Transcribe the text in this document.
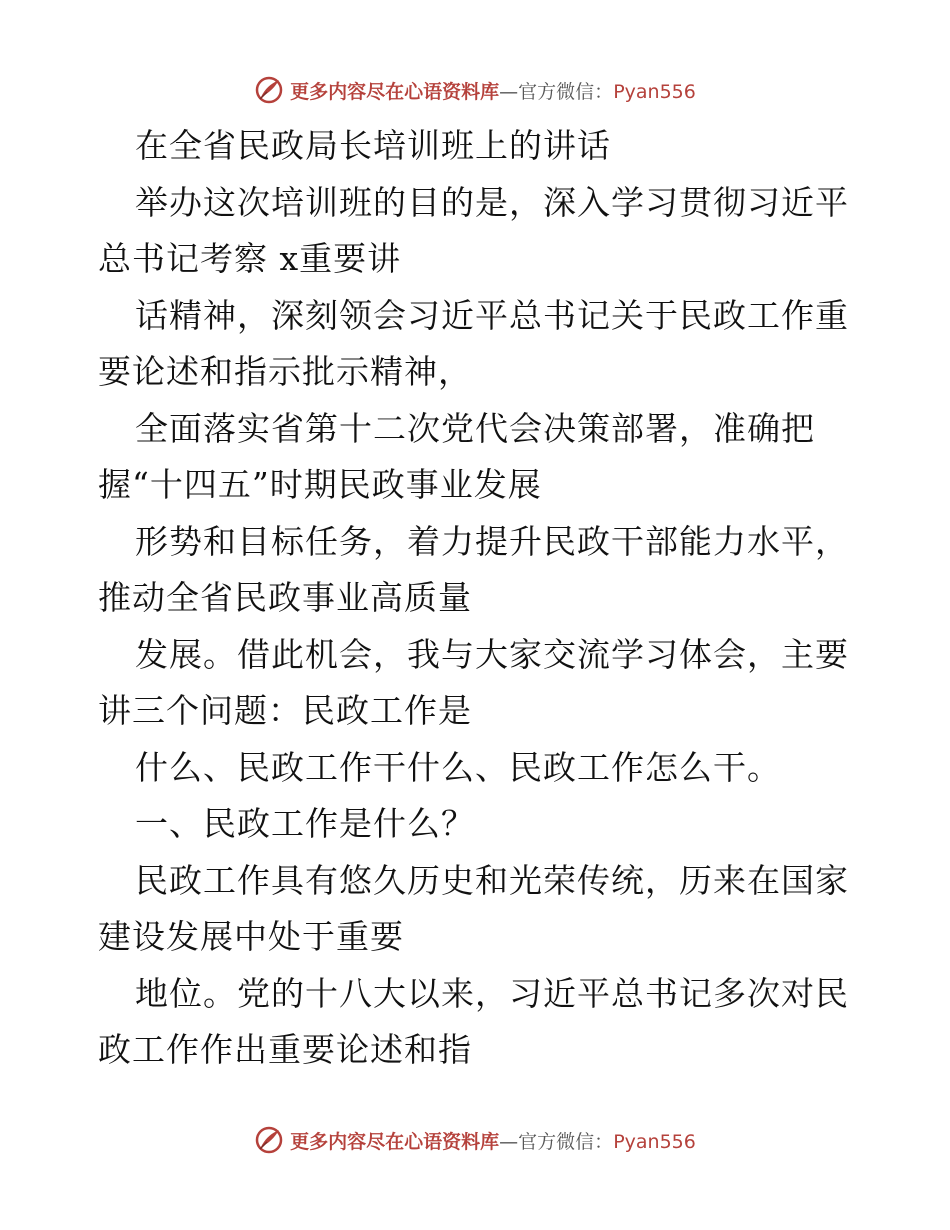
更多内容尽在心语资料库—官方微信：Pyan556
在全省民政局长培训班上的讲话
举办这次培训班的目的是，深入学习贯彻习近平
总书记考察 x重要讲
话精神，深刻领会习近平总书记关于民政工作重
要论述和指示批示精神，
全面落实省第十二次党代会决策部署，准确把
握“十四五”时期民政事业发展
形势和目标任务，着力提升民政干部能力水平，
推动全省民政事业高质量
发展。借此机会，我与大家交流学习体会，主要
讲三个问题：民政工作是
什么、民政工作干什么、民政工作怎么干。
一、民政工作是什么？
民政工作具有悠久历史和光荣传统，历来在国家
建设发展中处于重要
地位。党的十八大以来，习近平总书记多次对民
政工作作出重要论述和指
更多内容尽在心语资料库—官方微信：Pyan556
